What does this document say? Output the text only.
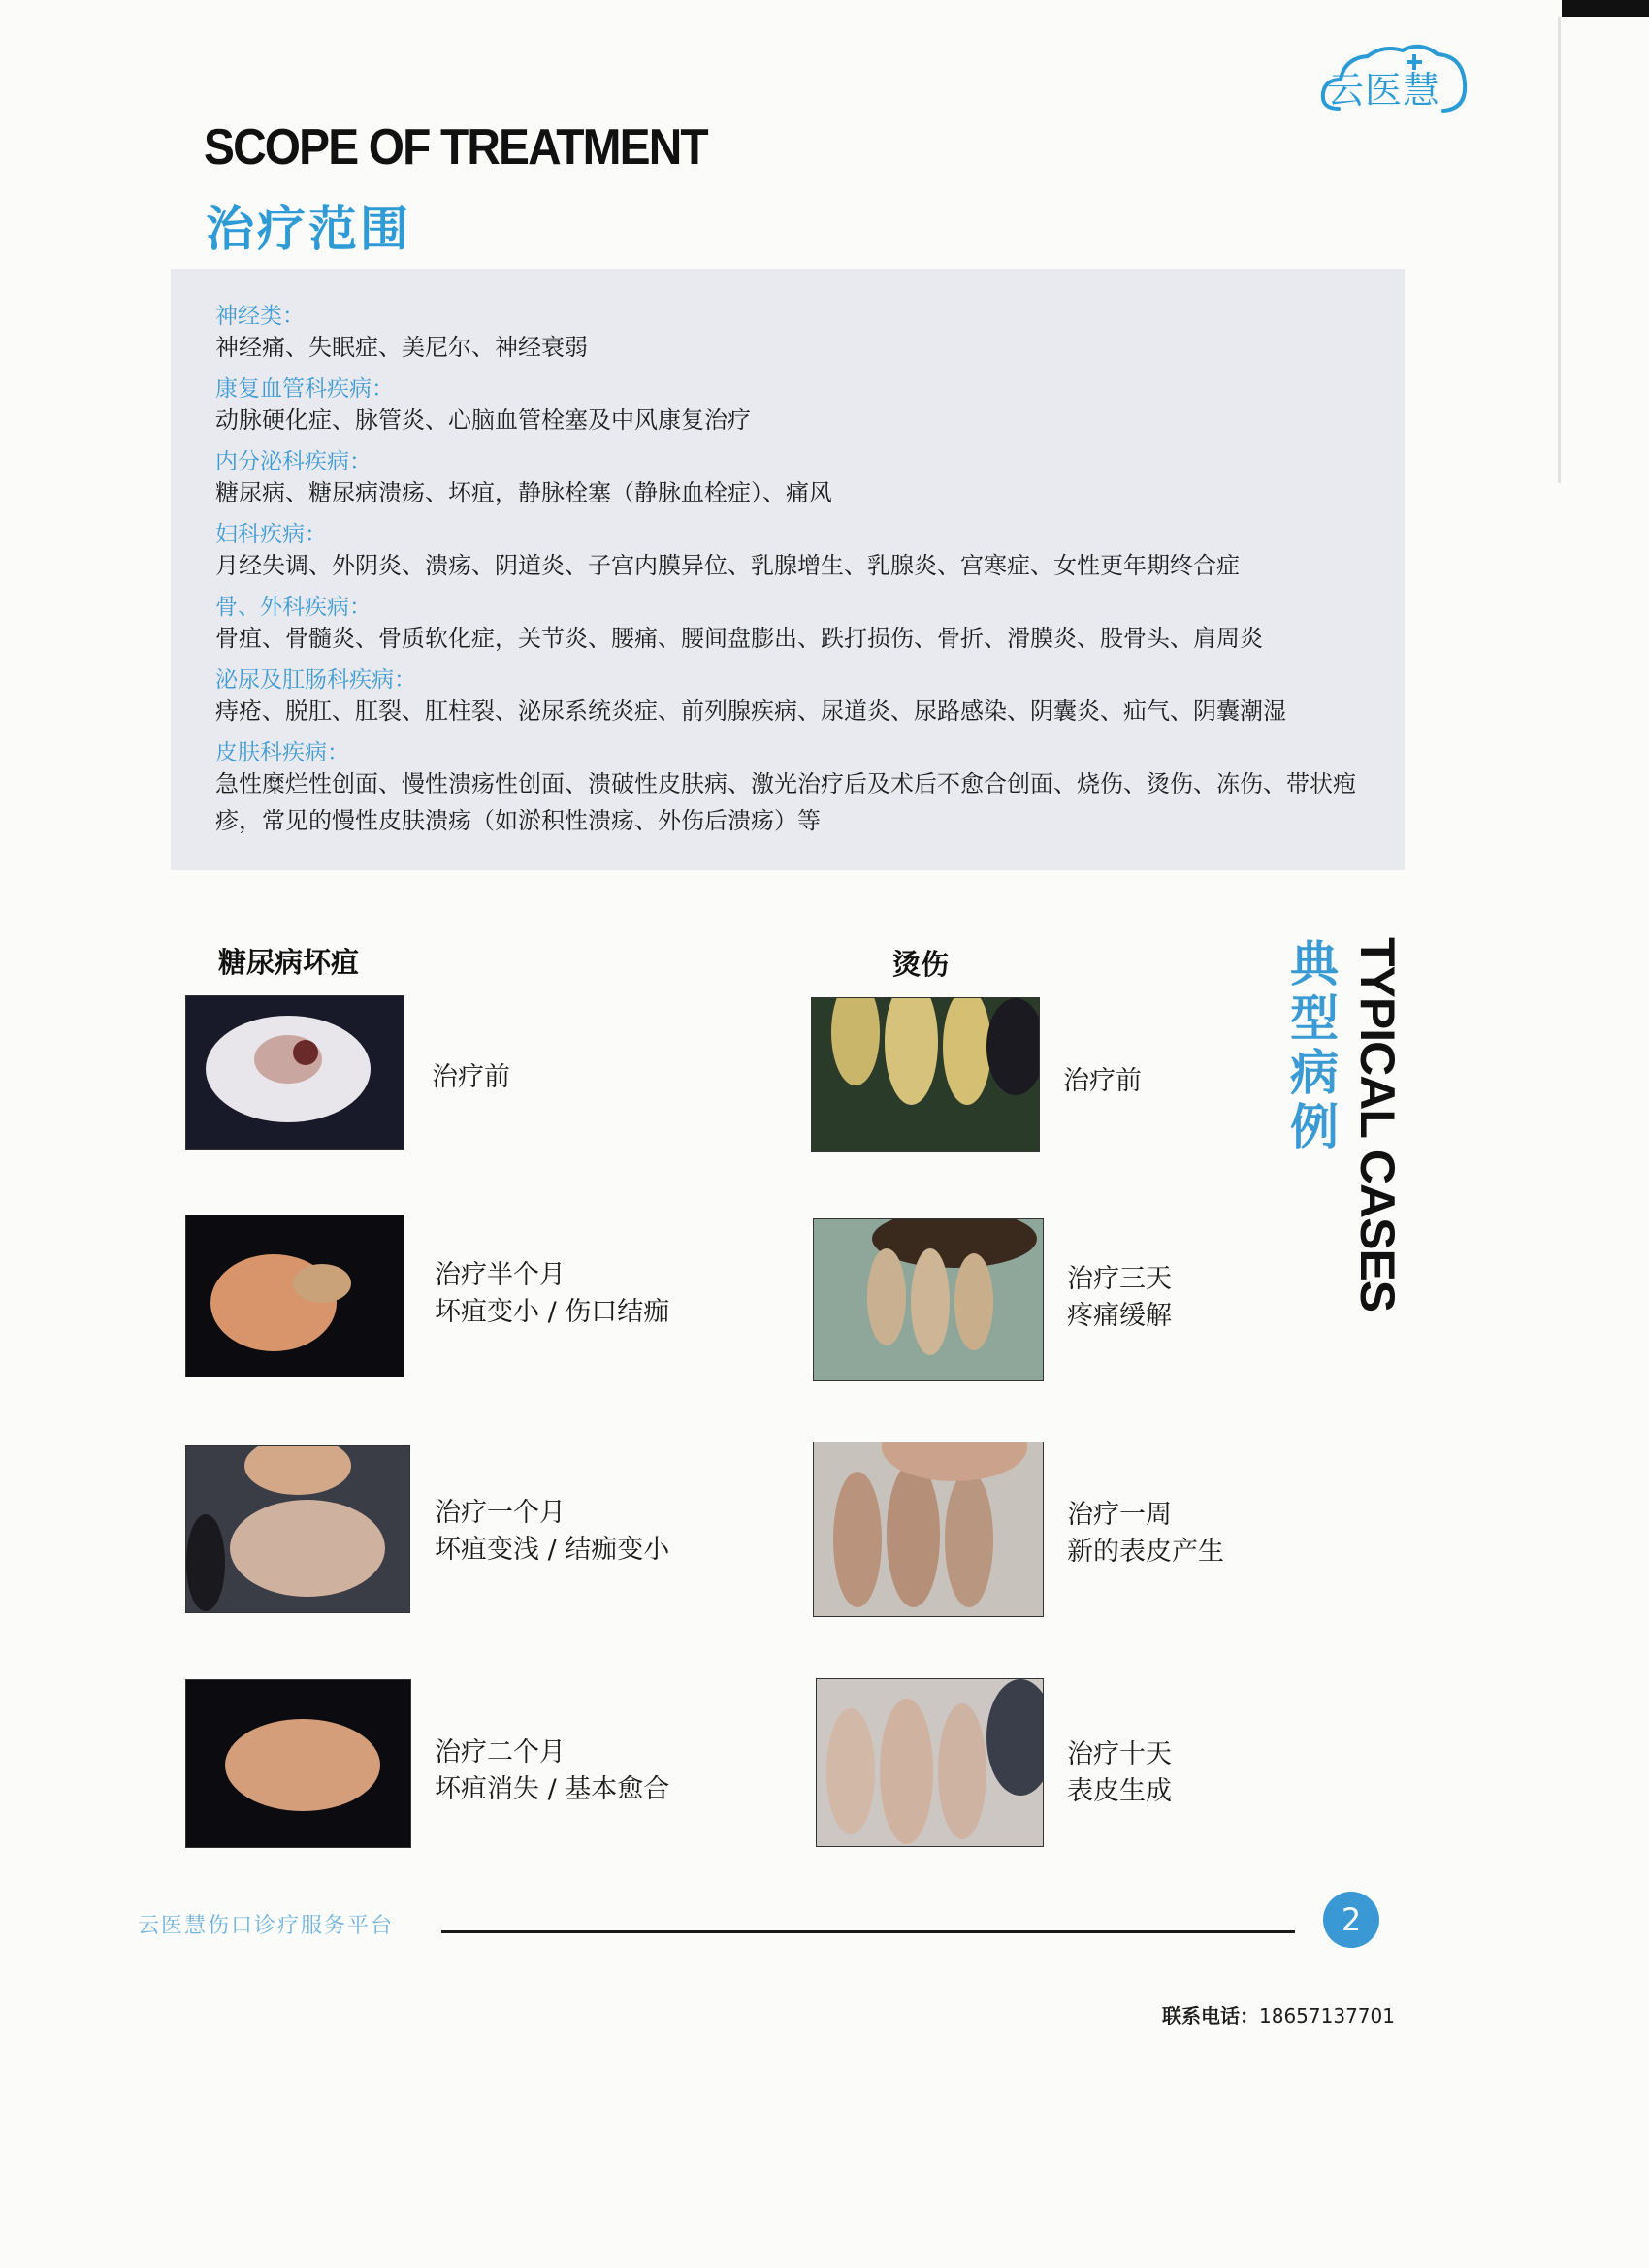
云医慧
SCOPE OF TREATMENT
治疗范围
神经类：
神经痛、失眠症、美尼尔、神经衰弱
康复血管科疾病：
动脉硬化症、脉管炎、心脑血管栓塞及中风康复治疗
内分泌科疾病：
糖尿病、糖尿病溃疡、坏疽，静脉栓塞（静脉血栓症）、痛风
妇科疾病：
月经失调、外阴炎、溃疡、阴道炎、子宫内膜异位、乳腺增生、乳腺炎、宫寒症、女性更年期终合症
骨、外科疾病：
骨疽、骨髓炎、骨质软化症，关节炎、腰痛、腰间盘膨出、跌打损伤、骨折、滑膜炎、股骨头、肩周炎
泌尿及肛肠科疾病：
痔疮、脱肛、肛裂、肛柱裂、泌尿系统炎症、前列腺疾病、尿道炎、尿路感染、阴囊炎、疝气、阴囊潮湿
皮肤科疾病：
急性糜烂性创面、慢性溃疡性创面、溃破性皮肤病、激光治疗后及术后不愈合创面、烧伤、烫伤、冻伤、带状疱疹，常见的慢性皮肤溃疡（如淤积性溃疡、外伤后溃疡）等
糖尿病坏疽	烫伤	TYPICAL CASES
典型病例
治疗前
治疗半个月
坏疽变小 / 伤口结痂
治疗一个月
坏疽变浅 / 结痂变小
治疗二个月
坏疽消失 / 基本愈合
治疗前
治疗三天
疼痛缓解
治疗一周
新的表皮产生
治疗十天
表皮生成
云医慧伤口诊疗服务平台	2
联系电话：18657137701
